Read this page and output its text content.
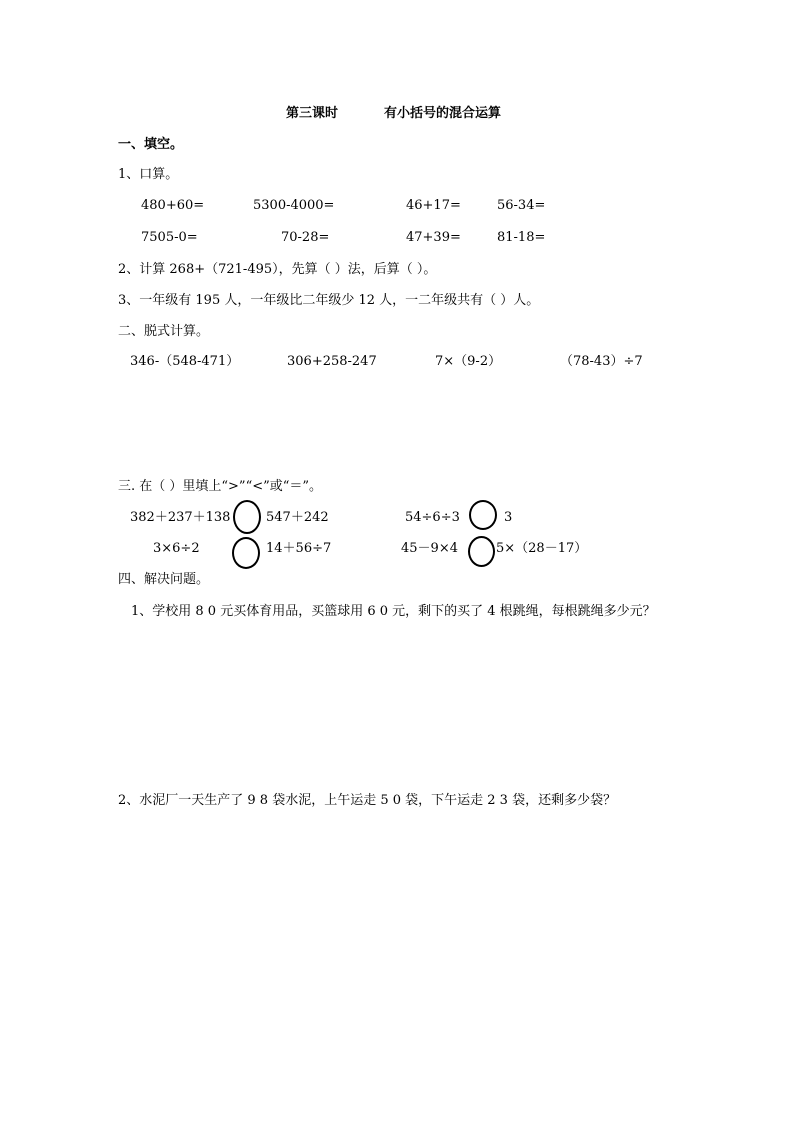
第三课时	有小括号的混合运算
一、填空。
1、口算。
480+60=	5300-4000=	46+17=	56-34=
7505-0=	70-28=	47+39=	81-18=
2、计算 268+（721-495），先算（ ）法，后算（ ）。
3、一年级有 195 人，一年级比二年级少 12 人，一二年级共有（ ）人。
二、脱式计算。
346-（548-471）	306+258-247	7×（9-2）	（78-43）÷7
三. 在（ ）里填上“>”“<”或“＝”。
382＋237＋138	547＋242	54÷6÷3	3
3×6÷2	14＋56÷7	45－9×4	5×（28－17）
四、解决问题。
1、学校用 8 0 元买体育用品，买篮球用 6 0 元，剩下的买了 4 根跳绳，每根跳绳多少元？
2、水泥厂一天生产了 9 8 袋水泥，上午运走 5 0 袋，下午运走 2 3 袋，还剩多少袋？
